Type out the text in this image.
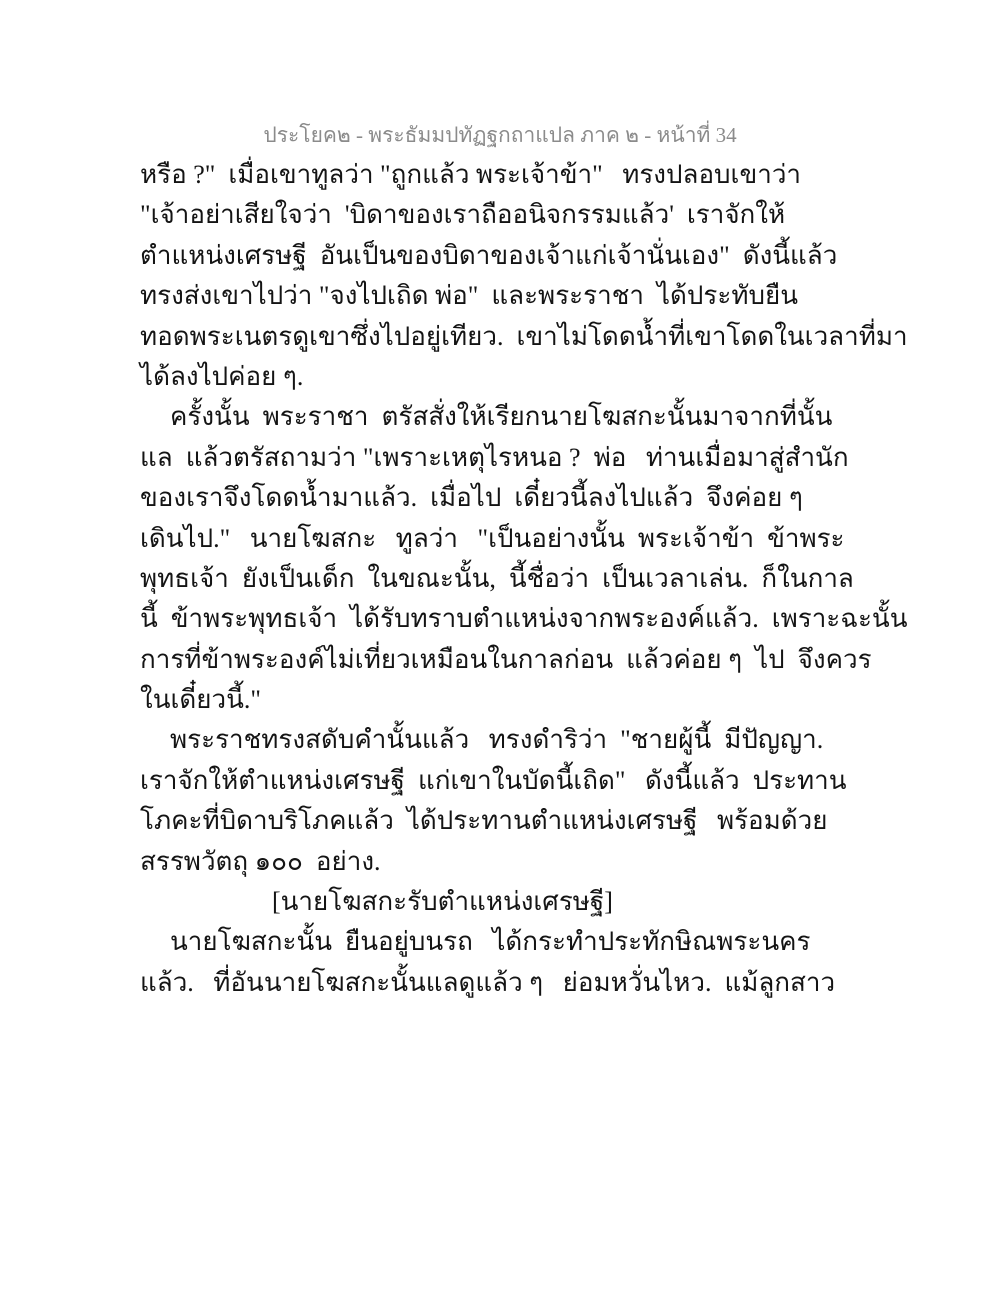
ประโยค๒ - พระธัมมปทัฏฐกถาแปล ภาค ๒ - หน้าที่ 34
หรือ ?"  เมื่อเขาทูลว่า "ถูกแล้ว พระเจ้าข้า"   ทรงปลอบเขาว่า
"เจ้าอย่าเสียใจว่า  'บิดาของเราถืออนิจกรรมแล้ว'  เราจักให้
ตำแหน่งเศรษฐี  อันเป็นของบิดาของเจ้าแก่เจ้านั่นเอง"  ดังนี้แล้ว
ทรงส่งเขาไปว่า "จงไปเถิด พ่อ"  และพระราชา  ได้ประทับยืน
ทอดพระเนตรดูเขาซึ่งไปอยู่เทียว.  เขาไม่โดดน้ำที่เขาโดดในเวลาที่มา
ได้ลงไปค่อย ๆ.
ครั้งนั้น  พระราชา  ตรัสสั่งให้เรียกนายโฆสกะนั้นมาจากที่นั้น
แล  แล้วตรัสถามว่า "เพราะเหตุไรหนอ ?  พ่อ   ท่านเมื่อมาสู่สำนัก
ของเราจึงโดดน้ำมาแล้ว.  เมื่อไป  เดี๋ยวนี้ลงไปแล้ว  จึงค่อย ๆ
เดินไป."   นายโฆสกะ   ทูลว่า   "เป็นอย่างนั้น  พระเจ้าข้า  ข้าพระ
พุทธเจ้า  ยังเป็นเด็ก  ในขณะนั้น,  นี้ชื่อว่า  เป็นเวลาเล่น.  ก็ในกาล
นี้  ข้าพระพุทธเจ้า  ได้รับทราบตำแหน่งจากพระองค์แล้ว.  เพราะฉะนั้น
การที่ข้าพระองค์ไม่เที่ยวเหมือนในกาลก่อน  แล้วค่อย ๆ  ไป  จึงควร
ในเดี๋ยวนี้."
พระราชทรงสดับคำนั้นแล้ว   ทรงดำริว่า  "ชายผู้นี้  มีปัญญา.
เราจักให้ตำแหน่งเศรษฐี  แก่เขาในบัดนี้เถิด"   ดังนี้แล้ว  ประทาน
โภคะที่บิดาบริโภคแล้ว  ได้ประทานตำแหน่งเศรษฐี   พร้อมด้วย
สรรพวัตถุ ๑๐๐  อย่าง.
[นายโฆสกะรับตำแหน่งเศรษฐี]
นายโฆสกะนั้น  ยืนอยู่บนรถ   ได้กระทำประทักษิณพระนคร
แล้ว.   ที่อันนายโฆสกะนั้นแลดูแล้ว ๆ   ย่อมหวั่นไหว.  แม้ลูกสาว
